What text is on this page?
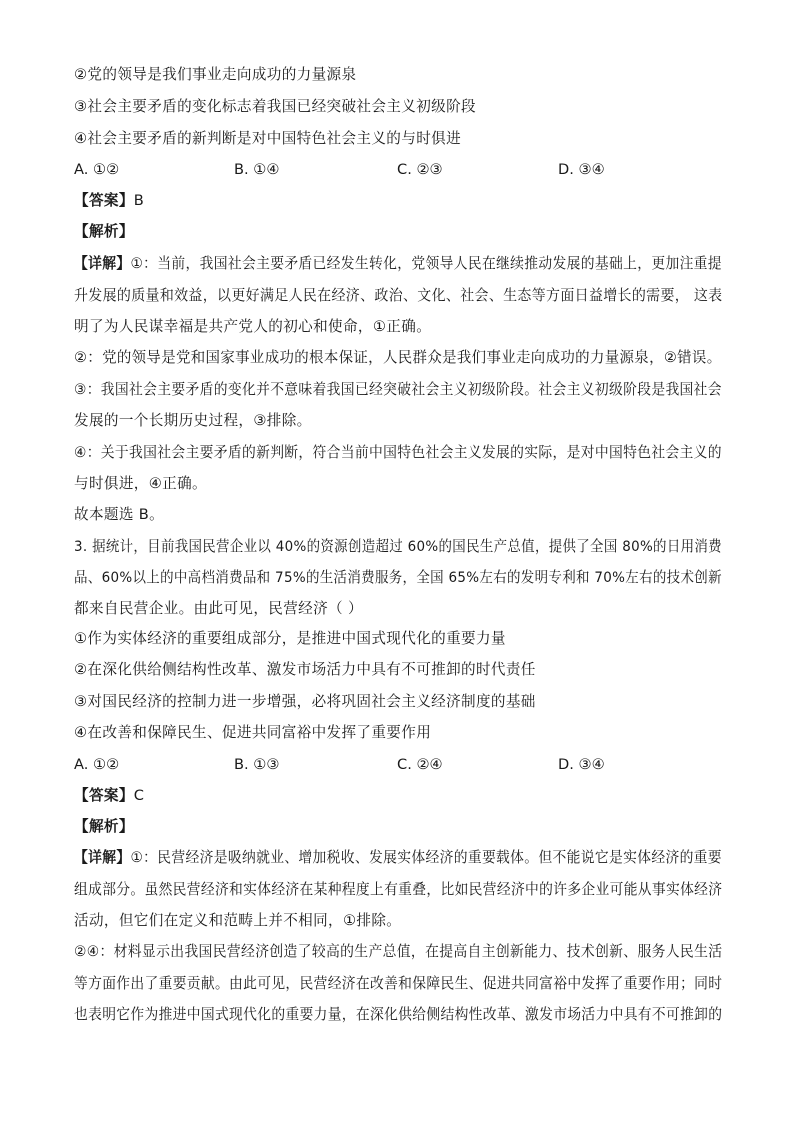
②党的领导是我们事业走向成功的力量源泉
③社会主要矛盾的变化标志着我国已经突破社会主义初级阶段
④社会主要矛盾的新判断是对中国特色社会主义的与时俱进
A. ①②	B. ①④	C. ②③	D. ③④
【答案】B
【解析】
【详解】①：当前，我国社会主要矛盾已经发生转化，党领导人民在继续推动发展的基础上，更加注重提
升发展的质量和效益，以更好满足人民在经济、政治、文化、社会、生态等方面日益增长的需要， 这表
明了为人民谋幸福是共产党人的初心和使命，①正确。
②：党的领导是党和国家事业成功的根本保证，人民群众是我们事业走向成功的力量源泉，②错误。
③：我国社会主要矛盾的变化并不意味着我国已经突破社会主义初级阶段。社会主义初级阶段是我国社会
发展的一个长期历史过程，③排除。
④：关于我国社会主要矛盾的新判断，符合当前中国特色社会主义发展的实际，是对中国特色社会主义的
与时俱进，④正确。
故本题选 B。
3. 据统计，目前我国民营企业以 40%的资源创造超过 60%的国民生产总值，提供了全国 80%的日用消费
品、60%以上的中高档消费品和 75%的生活消费服务，全国 65%左右的发明专利和 70%左右的技术创新
都来自民营企业。由此可见，民营经济（ ）
①作为实体经济的重要组成部分，是推进中国式现代化的重要力量
②在深化供给侧结构性改革、激发市场活力中具有不可推卸的时代责任
③对国民经济的控制力进一步增强，必将巩固社会主义经济制度的基础
④在改善和保障民生、促进共同富裕中发挥了重要作用
A. ①②	B. ①③	C. ②④	D. ③④
【答案】C
【解析】
【详解】①：民营经济是吸纳就业、增加税收、发展实体经济的重要载体。但不能说它是实体经济的重要
组成部分。虽然民营经济和实体经济在某种程度上有重叠，比如民营经济中的许多企业可能从事实体经济
活动，但它们在定义和范畴上并不相同，①排除。
②④：材料显示出我国民营经济创造了较高的生产总值，在提高自主创新能力、技术创新、服务人民生活
等方面作出了重要贡献。由此可见，民营经济在改善和保障民生、促进共同富裕中发挥了重要作用；同时
也表明它作为推进中国式现代化的重要力量，在深化供给侧结构性改革、激发市场活力中具有不可推卸的
